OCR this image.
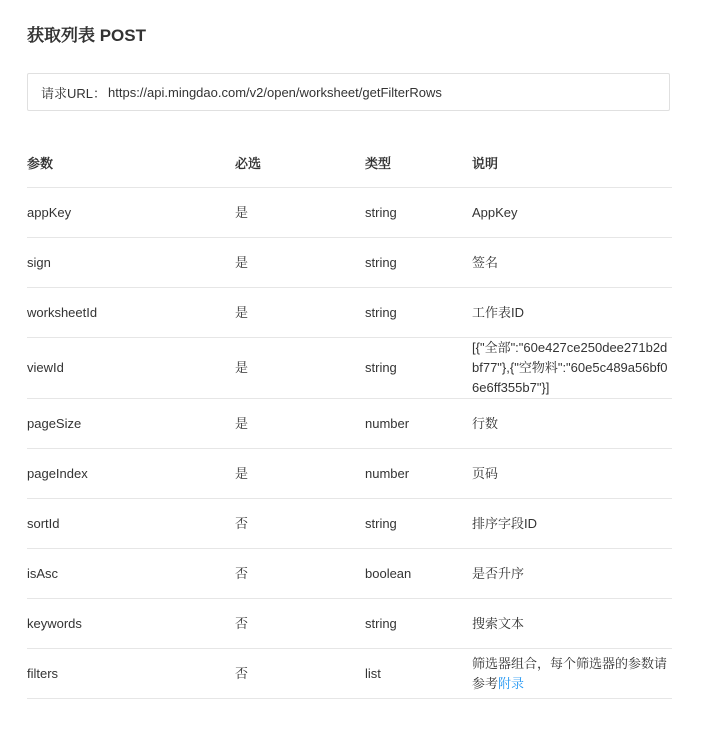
获取列表 POST
请求URL： https://api.mingdao.com/v2/open/worksheet/getFilterRows
参数	必选	类型	说明
appKey	是	string	AppKey
sign	是	string	签名
worksheetId	是	string	工作表ID
viewId	是	string	[{"全部":"60e427ce250dee271b2dbf77"},{"空物料":"60e5c489a56bf06e6ff355b7"}]
pageSize	是	number	行数
pageIndex	是	number	页码
sortId	否	string	排序字段ID
isAsc	否	boolean	是否升序
keywords	否	string	搜索文本
filters	否	list	筛选器组合，每个筛选器的参数请参考附录
